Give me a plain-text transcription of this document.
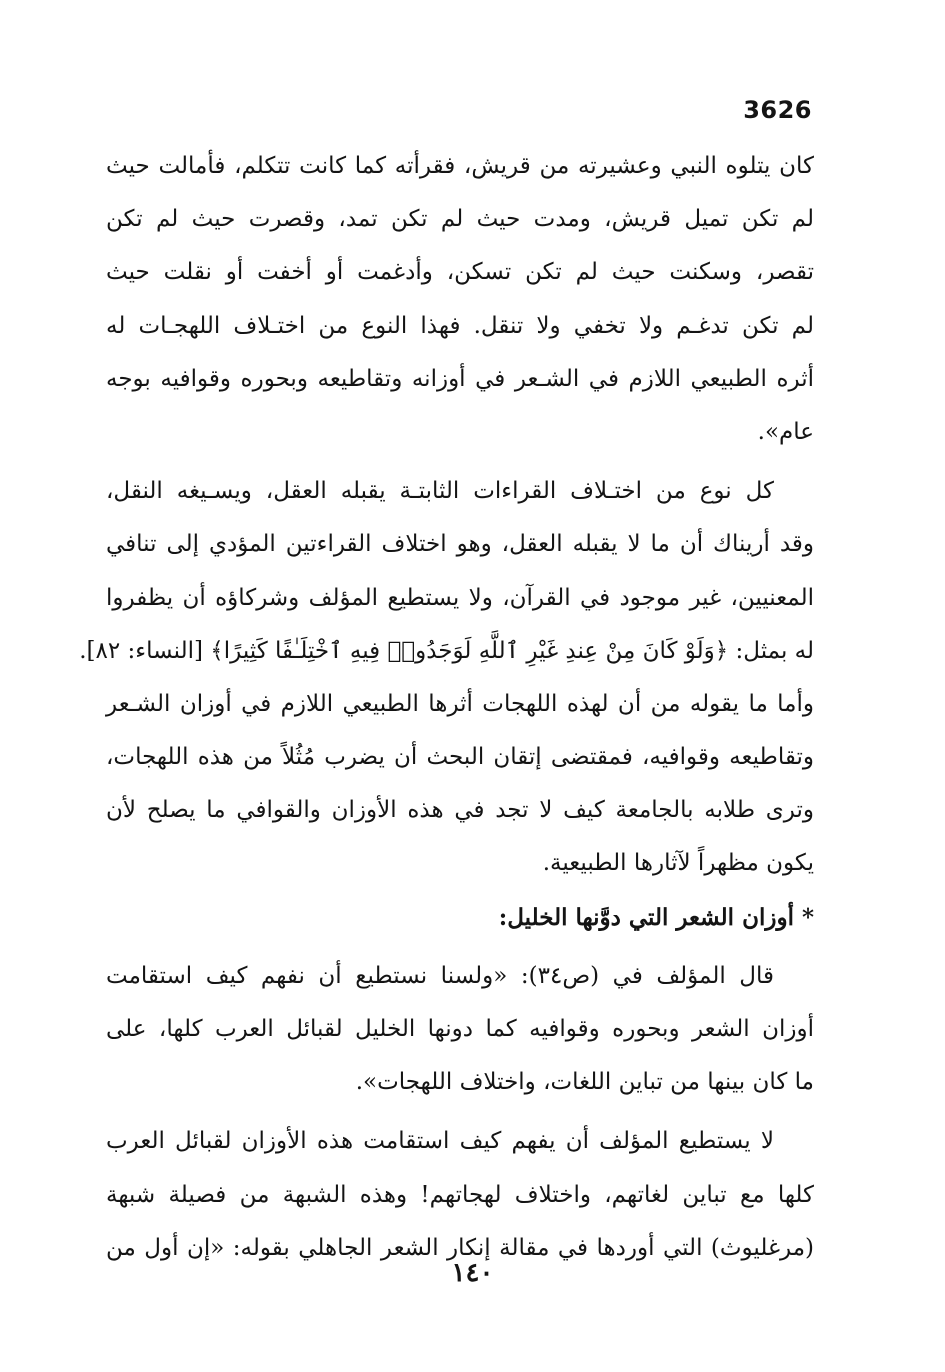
3626
كان يتلوه النبي وعشيرته من قريش، فقرأته كما كانت تتكلم، فأمالت حيث
لم تكن تميل قريش، ومدت حيث لم تكن تمد، وقصرت حيث لم تكن
تقصر، وسكنت حيث لم تكن تسكن، وأدغمت أو أخفت أو نقلت حيث
لم تكن تدغـم ولا تخفي ولا تنقل. فهذا النوع من اختـلاف اللهجـات له
أثره الطبيعي اللازم في الشـعر في أوزانه وتقاطيعه وبحوره وقوافيه بوجه
عام».
كل نوع من اختـلاف القراءات الثابتـة يقبله العقل، ويسـيغه النقل،
وقد أريناك أن ما لا يقبله العقل، وهو اختلاف القراءتين المؤدي إلى تنافي
المعنيين، غير موجود في القرآن، ولا يستطيع المؤلف وشركاؤه أن يظفروا
له بمثل: ﴿وَلَوْ كَانَ مِنْ عِندِ غَيْرِ ٱللَّهِ لَوَجَدُوا۟ فِيهِ ٱخْتِلَـٰفًا كَثِيرًا﴾ [النساء: ٨٢].
وأما ما يقوله من أن لهذه اللهجات أثرها الطبيعي اللازم في أوزان الشـعر
وتقاطيعه وقوافيه، فمقتضى إتقان البحث أن يضرب مُثُلاً من هذه اللهجات،
وترى طلابه بالجامعة كيف لا تجد في هذه الأوزان والقوافي ما يصلح لأن
يكون مظهراً لآثارها الطبيعية.
* أوزان الشعر التي دوَّنها الخليل:
قال المؤلف في (ص٣٤): «ولسنا نستطيع أن نفهم كيف استقامت
أوزان الشعر وبحوره وقوافيه كما دونها الخليل لقبائل العرب كلها، على
ما كان بينها من تباين اللغات، واختلاف اللهجات».
لا يستطيع المؤلف أن يفهم كيف استقامت هذه الأوزان لقبائل العرب
كلها مع تباين لغاتهم، واختلاف لهجاتهم! وهذه الشبهة من فصيلة شبهة
(مرغليوث) التي أوردها في مقالة إنكار الشعر الجاهلي بقوله: «إن أول من
١٤٠
